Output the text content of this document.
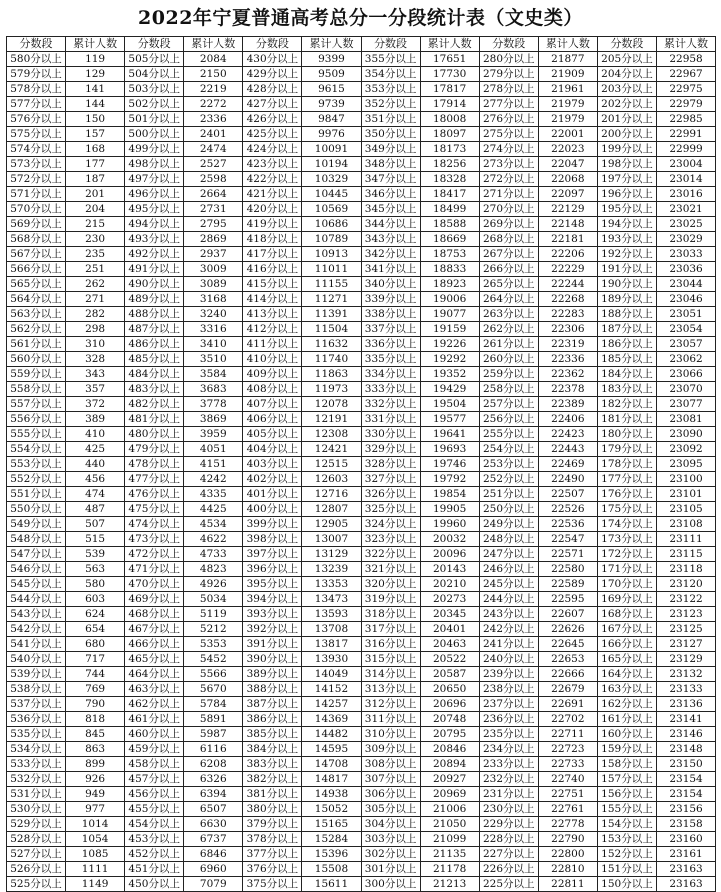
2022年宁夏普通高考总分一分段统计表（文史类）
分数段	累计人数	分数段	累计人数	分数段	累计人数	分数段	累计人数	分数段	累计人数	分数段	累计人数
580分以上	119	505分以上	2084	430分以上	9399	355分以上	17651	280分以上	21877	205分以上	22958
579分以上	129	504分以上	2150	429分以上	9509	354分以上	17730	279分以上	21909	204分以上	22967
578分以上	141	503分以上	2219	428分以上	9615	353分以上	17817	278分以上	21961	203分以上	22975
577分以上	144	502分以上	2272	427分以上	9739	352分以上	17914	277分以上	21979	202分以上	22979
576分以上	150	501分以上	2336	426分以上	9847	351分以上	18008	276分以上	21979	201分以上	22985
575分以上	157	500分以上	2401	425分以上	9976	350分以上	18097	275分以上	22001	200分以上	22991
574分以上	168	499分以上	2474	424分以上	10091	349分以上	18173	274分以上	22023	199分以上	22999
573分以上	177	498分以上	2527	423分以上	10194	348分以上	18256	273分以上	22047	198分以上	23004
572分以上	187	497分以上	2598	422分以上	10329	347分以上	18328	272分以上	22068	197分以上	23014
571分以上	201	496分以上	2664	421分以上	10445	346分以上	18417	271分以上	22097	196分以上	23016
570分以上	204	495分以上	2731	420分以上	10569	345分以上	18499	270分以上	22129	195分以上	23021
569分以上	215	494分以上	2795	419分以上	10686	344分以上	18588	269分以上	22148	194分以上	23025
568分以上	230	493分以上	2869	418分以上	10789	343分以上	18669	268分以上	22181	193分以上	23029
567分以上	235	492分以上	2937	417分以上	10913	342分以上	18753	267分以上	22206	192分以上	23033
566分以上	251	491分以上	3009	416分以上	11011	341分以上	18833	266分以上	22229	191分以上	23036
565分以上	262	490分以上	3089	415分以上	11155	340分以上	18923	265分以上	22244	190分以上	23044
564分以上	271	489分以上	3168	414分以上	11271	339分以上	19006	264分以上	22268	189分以上	23046
563分以上	282	488分以上	3240	413分以上	11391	338分以上	19077	263分以上	22283	188分以上	23051
562分以上	298	487分以上	3316	412分以上	11504	337分以上	19159	262分以上	22306	187分以上	23054
561分以上	310	486分以上	3410	411分以上	11632	336分以上	19226	261分以上	22319	186分以上	23057
560分以上	328	485分以上	3510	410分以上	11740	335分以上	19292	260分以上	22336	185分以上	23062
559分以上	343	484分以上	3584	409分以上	11863	334分以上	19352	259分以上	22362	184分以上	23066
558分以上	357	483分以上	3683	408分以上	11973	333分以上	19429	258分以上	22378	183分以上	23070
557分以上	372	482分以上	3778	407分以上	12078	332分以上	19504	257分以上	22389	182分以上	23077
556分以上	389	481分以上	3869	406分以上	12191	331分以上	19577	256分以上	22406	181分以上	23081
555分以上	410	480分以上	3959	405分以上	12308	330分以上	19641	255分以上	22423	180分以上	23090
554分以上	425	479分以上	4051	404分以上	12421	329分以上	19693	254分以上	22443	179分以上	23092
553分以上	440	478分以上	4151	403分以上	12515	328分以上	19746	253分以上	22469	178分以上	23095
552分以上	456	477分以上	4242	402分以上	12603	327分以上	19792	252分以上	22490	177分以上	23100
551分以上	474	476分以上	4335	401分以上	12716	326分以上	19854	251分以上	22507	176分以上	23101
550分以上	487	475分以上	4425	400分以上	12807	325分以上	19905	250分以上	22526	175分以上	23105
549分以上	507	474分以上	4534	399分以上	12905	324分以上	19960	249分以上	22536	174分以上	23108
548分以上	515	473分以上	4622	398分以上	13007	323分以上	20032	248分以上	22547	173分以上	23111
547分以上	539	472分以上	4733	397分以上	13129	322分以上	20096	247分以上	22571	172分以上	23115
546分以上	563	471分以上	4823	396分以上	13239	321分以上	20143	246分以上	22580	171分以上	23118
545分以上	580	470分以上	4926	395分以上	13353	320分以上	20210	245分以上	22589	170分以上	23120
544分以上	603	469分以上	5034	394分以上	13473	319分以上	20273	244分以上	22595	169分以上	23122
543分以上	624	468分以上	5119	393分以上	13593	318分以上	20345	243分以上	22607	168分以上	23123
542分以上	654	467分以上	5212	392分以上	13708	317分以上	20401	242分以上	22626	167分以上	23125
541分以上	680	466分以上	5353	391分以上	13817	316分以上	20463	241分以上	22645	166分以上	23127
540分以上	717	465分以上	5452	390分以上	13930	315分以上	20522	240分以上	22653	165分以上	23129
539分以上	744	464分以上	5566	389分以上	14049	314分以上	20587	239分以上	22666	164分以上	23132
538分以上	769	463分以上	5670	388分以上	14152	313分以上	20650	238分以上	22679	163分以上	23133
537分以上	790	462分以上	5784	387分以上	14257	312分以上	20696	237分以上	22691	162分以上	23136
536分以上	818	461分以上	5891	386分以上	14369	311分以上	20748	236分以上	22702	161分以上	23141
535分以上	845	460分以上	5987	385分以上	14482	310分以上	20795	235分以上	22711	160分以上	23146
534分以上	863	459分以上	6116	384分以上	14595	309分以上	20846	234分以上	22723	159分以上	23148
533分以上	899	458分以上	6208	383分以上	14708	308分以上	20894	233分以上	22733	158分以上	23150
532分以上	926	457分以上	6326	382分以上	14817	307分以上	20927	232分以上	22740	157分以上	23154
531分以上	949	456分以上	6394	381分以上	14938	306分以上	20969	231分以上	22751	156分以上	23154
530分以上	977	455分以上	6507	380分以上	15052	305分以上	21006	230分以上	22761	155分以上	23156
529分以上	1014	454分以上	6630	379分以上	15165	304分以上	21050	229分以上	22778	154分以上	23158
528分以上	1054	453分以上	6737	378分以上	15284	303分以上	21099	228分以上	22790	153分以上	23160
527分以上	1085	452分以上	6846	377分以上	15396	302分以上	21135	227分以上	22800	152分以上	23161
526分以上	1111	451分以上	6960	376分以上	15508	301分以上	21178	226分以上	22810	151分以上	23163
525分以上	1149	450分以上	7079	375分以上	15611	300分以上	21213	225分以上	22811	150分以上	23163
